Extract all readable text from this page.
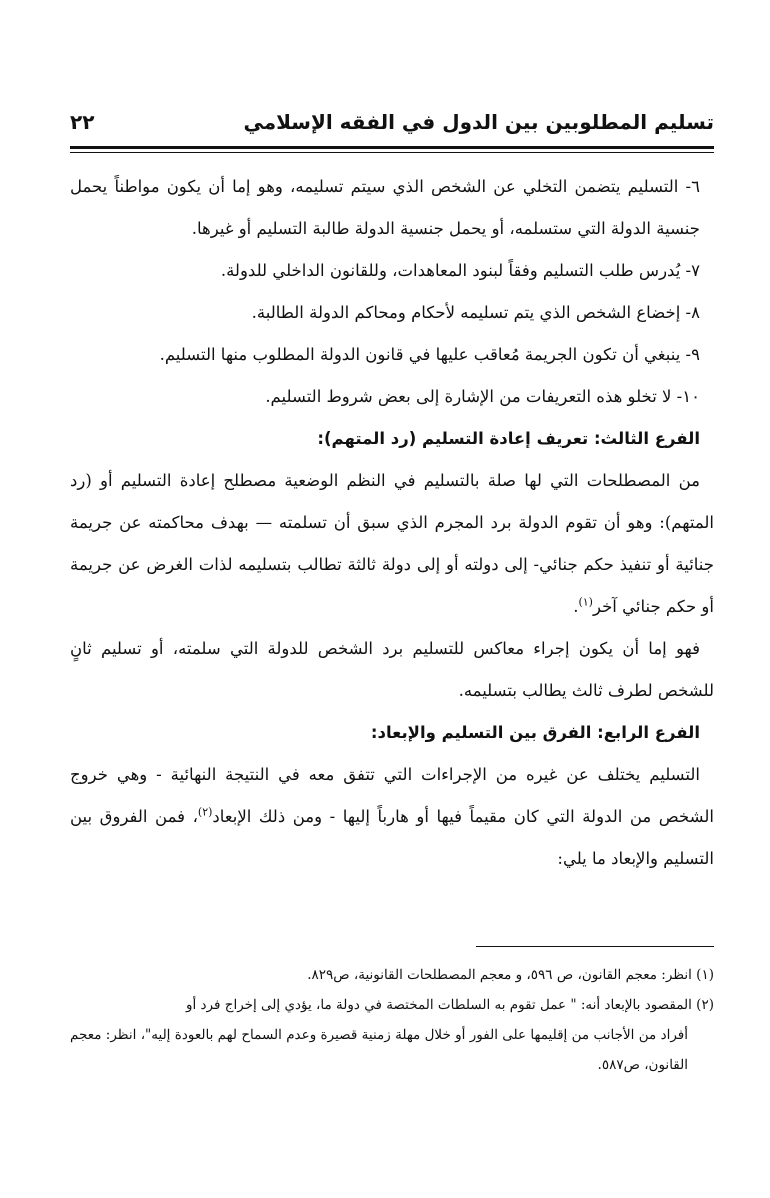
تسليم المطلوبين بين الدول في الفقه الإسلامي
٢٢

٦- التسليم يتضمن التخلي عن الشخص الذي سيتم تسليمه، وهو إما أن يكون مواطناً يحمل جنسية الدولة التي ستسلمه، أو يحمل جنسية الدولة طالبة التسليم أو غيرها.

٧- يُدرس طلب التسليم وفقاً لبنود المعاهدات، وللقانون الداخلي للدولة.

٨- إخضاع الشخص الذي يتم تسليمه لأحكام ومحاكم الدولة الطالبة.

٩- ينبغي أن تكون الجريمة مُعاقب عليها في قانون الدولة المطلوب منها التسليم.

١٠- لا تخلو هذه التعريفات من الإشارة إلى بعض شروط التسليم.

الفرع الثالث: تعريف إعادة التسليم (رد المتهم):

من المصطلحات التي لها صلة بالتسليم في النظم الوضعية مصطلح إعادة التسليم أو (رد المتهم): وهو أن تقوم الدولة برد المجرم الذي سبق أن تسلمته — بهدف محاكمته عن جريمة جنائية أو تنفيذ حكم جنائي- إلى دولته أو إلى دولة ثالثة تطالب بتسليمه لذات الغرض عن جريمة أو حكم جنائي آخر$^{(١)}$.

فهو إما أن يكون إجراء معاكس للتسليم برد الشخص للدولة التي سلمته، أو تسليم ثانٍ للشخص لطرف ثالث يطالب بتسليمه.

الفرع الرابع: الفرق بين التسليم والإبعاد:

التسليم يختلف عن غيره من الإجراءات التي تتفق معه في النتيجة النهائية - وهي خروج الشخص من الدولة التي كان مقيماً فيها أو هارباً إليها - ومن ذلك الإبعاد$^{(٢)}$، فمن الفروق بين التسليم والإبعاد ما يلي:

(١) انظر: معجم القانون، ص ٥٩٦، و معجم المصطلحات القانونية، ص٨٢٩.

(٢) المقصود بالإبعاد أنه: " عمل تقوم به السلطات المختصة في دولة ما، يؤدي إلى إخراج فرد أو

أفراد من الأجانب من إقليمها على الفور أو خلال مهلة زمنية قصيرة وعدم السماح لهم بالعودة إليه"، انظر: معجم القانون، ص٥٨٧.
